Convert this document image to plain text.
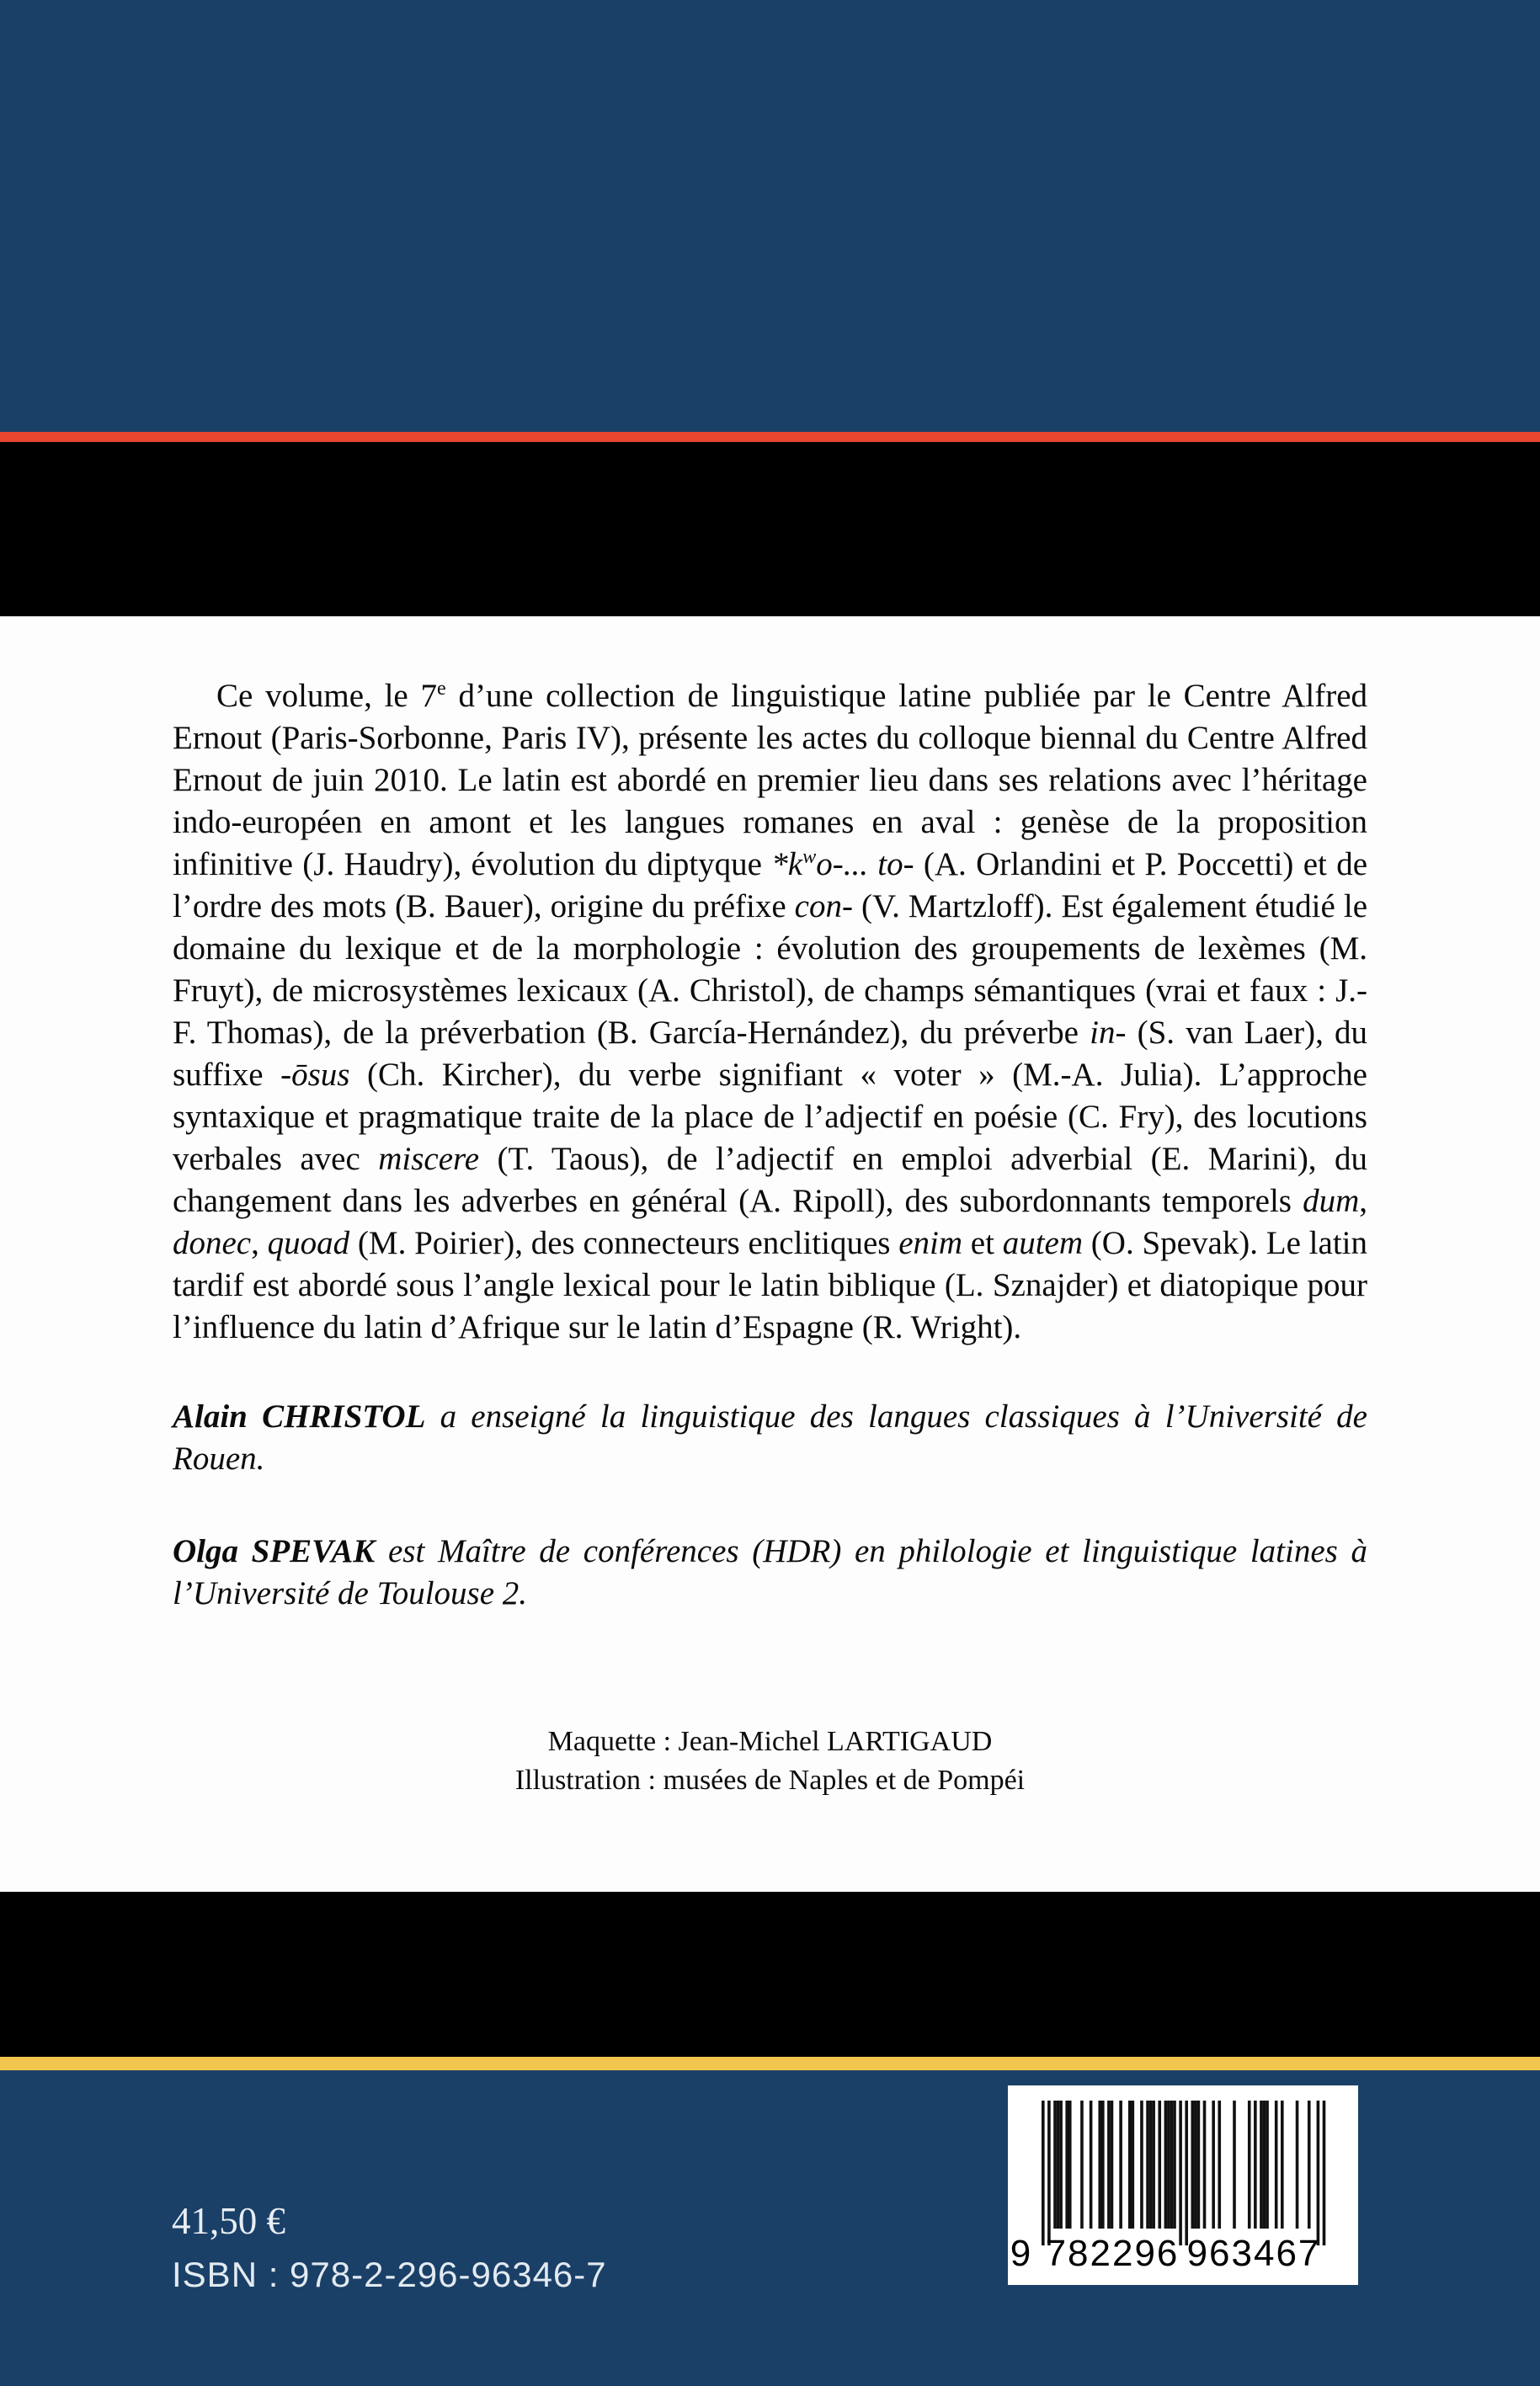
Ce volume, le 7e d’une collection de linguistique latine publiée par le Centre Alfred Ernout (Paris-Sorbonne, Paris IV), présente les actes du colloque biennal du Centre Alfred Ernout de juin 2010. Le latin est abordé en premier lieu dans ses relations avec l’héritage indo-européen en amont et les langues romanes en aval : genèse de la proposition infinitive (J. Haudry), évolution du diptyque $*k^wo-$... to- (A. Orlandini et P. Poccetti) et de l’ordre des mots (B. Bauer), origine du préfixe con- (V. Martzloff). Est également étudié le domaine du lexique et de la morphologie : évolution des groupements de lexèmes (M. Fruyt), de microsystèmes lexicaux (A. Christol), de champs sémantiques (vrai et faux : J.-F. Thomas), de la préverbation (B. García-Hernández), du préverbe in- (S. van Laer), du suffixe -ōsus (Ch. Kircher), du verbe signifiant « voter » (M.-A. Julia). L’approche syntaxique et pragmatique traite de la place de l’adjectif en poésie (C. Fry), des locutions verbales avec miscere (T. Taous), de l’adjectif en emploi adverbial (E. Marini), du changement dans les adverbes en général (A. Ripoll), des subordonnants temporels dum, donec, quoad (M. Poirier), des connecteurs enclitiques enim et autem (O. Spevak). Le latin tardif est abordé sous l’angle lexical pour le latin biblique (L. Sznajder) et diatopique pour l’influence du latin d’Afrique sur le latin d’Espagne (R. Wright).

Alain CHRISTOL a enseigné la linguistique des langues classiques à l’Université de Rouen.

Olga SPEVAK est Maître de conférences (HDR) en philologie et linguistique latines à l’Université de Toulouse 2.

Maquette : Jean-Michel LARTIGAUD
Illustration : musées de Naples et de Pompéi
41,50 €
ISBN : 978-2-296-96346-7
9 782296 963467
